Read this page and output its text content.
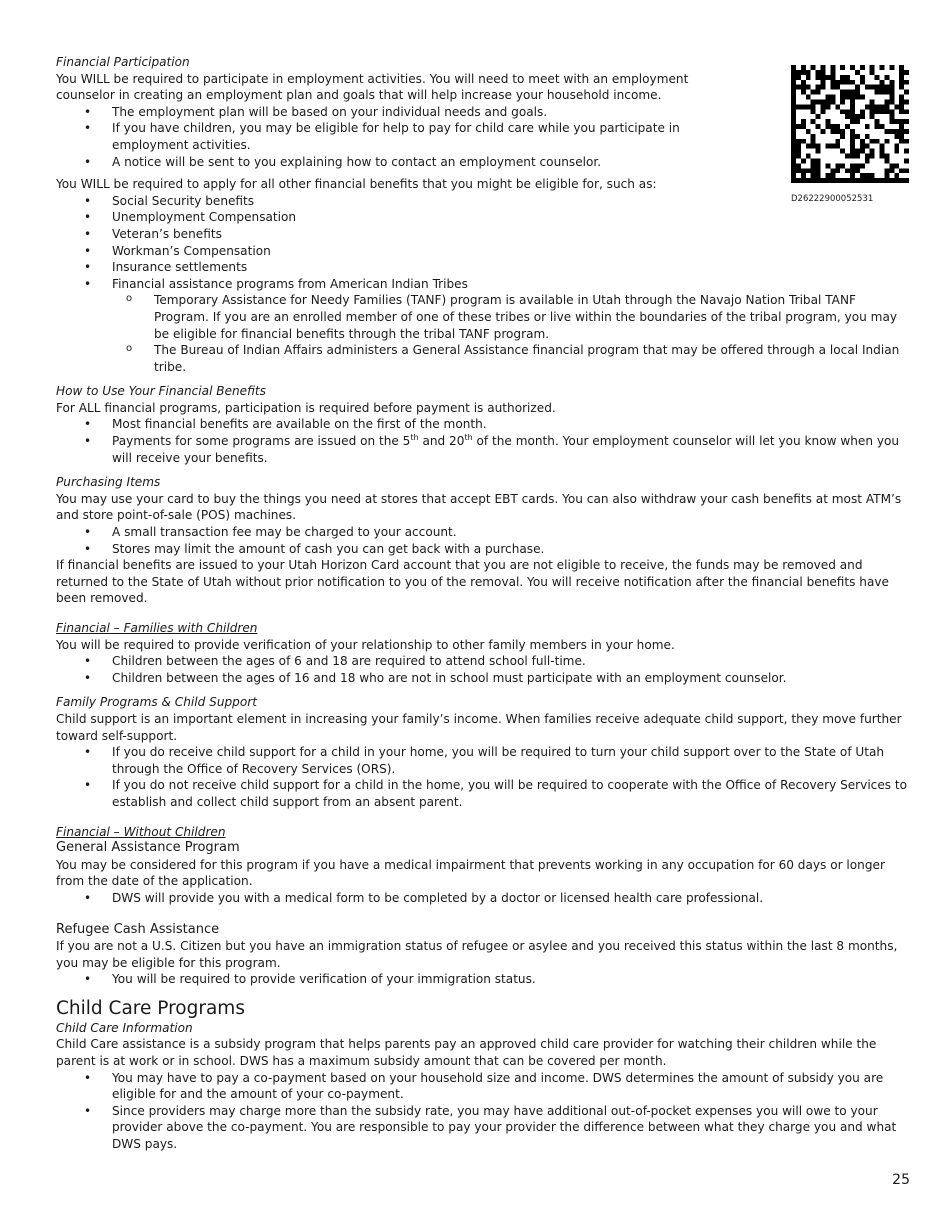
D26222900052531

Financial Participation

You WILL be required to participate in employment activities. You will need to meet with an employment counselor in creating an employment plan and goals that will help increase your household income.

• The employment plan will be based on your individual needs and goals.
• If you have children, you may be eligible for help to pay for child care while you participate in employment activities.
• A notice will be sent to you explaining how to contact an employment counselor.

You WILL be required to apply for all other financial benefits that you might be eligible for, such as:

• Social Security benefits
• Unemployment Compensation
• Veteran’s benefits
• Workman’s Compensation
• Insurance settlements
• Financial assistance programs from American Indian Tribes
o Temporary Assistance for Needy Families (TANF) program is available in Utah through the Navajo Nation Tribal TANF Program. If you are an enrolled member of one of these tribes or live within the boundaries of the tribal program, you may be eligible for financial benefits through the tribal TANF program.
o The Bureau of Indian Affairs administers a General Assistance financial program that may be offered through a local Indian tribe.

How to Use Your Financial Benefits

For ALL financial programs, participation is required before payment is authorized.

• Most financial benefits are available on the first of the month.
• Payments for some programs are issued on the 5th and 20th of the month. Your employment counselor will let you know when you will receive your benefits.

Purchasing Items

You may use your card to buy the things you need at stores that accept EBT cards. You can also withdraw your cash benefits at most ATM’s and store point-of-sale (POS) machines.

• A small transaction fee may be charged to your account.
• Stores may limit the amount of cash you can get back with a purchase.

If financial benefits are issued to your Utah Horizon Card account that you are not eligible to receive, the funds may be removed and returned to the State of Utah without prior notification to you of the removal. You will receive notification after the financial benefits have been removed.

Financial – Families with Children

You will be required to provide verification of your relationship to other family members in your home.

• Children between the ages of 6 and 18 are required to attend school full-time.
• Children between the ages of 16 and 18 who are not in school must participate with an employment counselor.

Family Programs & Child Support

Child support is an important element in increasing your family’s income. When families receive adequate child support, they move further toward self-support.

• If you do receive child support for a child in your home, you will be required to turn your child support over to the State of Utah through the Office of Recovery Services (ORS).
• If you do not receive child support for a child in the home, you will be required to cooperate with the Office of Recovery Services to establish and collect child support from an absent parent.

Financial – Without Children

General Assistance Program

You may be considered for this program if you have a medical impairment that prevents working in any occupation for 60 days or longer from the date of the application.

• DWS will provide you with a medical form to be completed by a doctor or licensed health care professional.

Refugee Cash Assistance

If you are not a U.S. Citizen but you have an immigration status of refugee or asylee and you received this status within the last 8 months, you may be eligible for this program.

• You will be required to provide verification of your immigration status.

Child Care Programs

Child Care Information

Child Care assistance is a subsidy program that helps parents pay an approved child care provider for watching their children while the parent is at work or in school. DWS has a maximum subsidy amount that can be covered per month.

• You may have to pay a co-payment based on your household size and income. DWS determines the amount of subsidy you are eligible for and the amount of your co-payment.
• Since providers may charge more than the subsidy rate, you may have additional out-of-pocket expenses you will owe to your provider above the co-payment. You are responsible to pay your provider the difference between what they charge you and what DWS pays.
25
